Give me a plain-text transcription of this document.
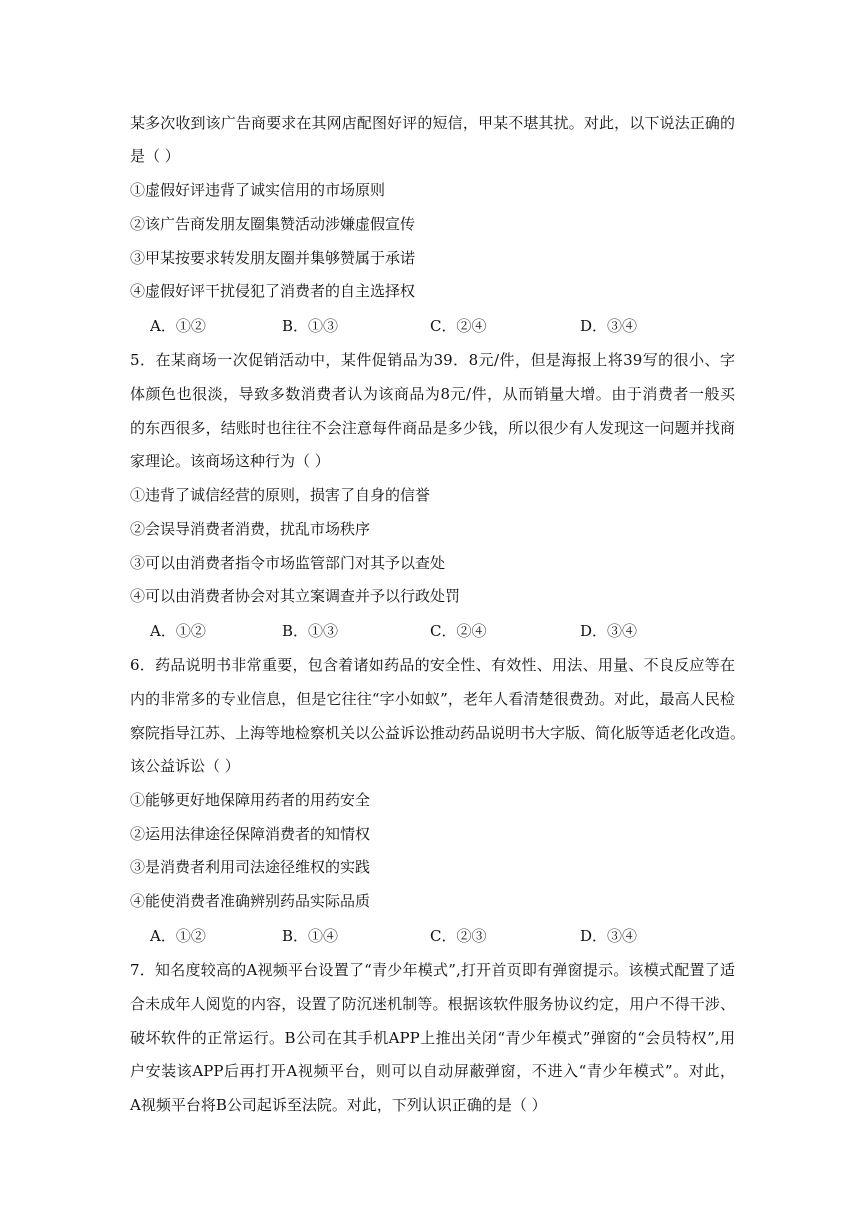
某多次收到该广告商要求在其网店配图好评的短信，甲某不堪其扰。对此，以下说法正确的
是（ ）
①虚假好评违背了诚实信用的市场原则
②该广告商发朋友圈集赞活动涉嫌虚假宣传
③甲某按要求转发朋友圈并集够赞属于承诺
④虚假好评干扰侵犯了消费者的自主选择权
A．①②	B．①③	C．②④	D．③④
5．在某商场一次促销活动中，某件促销品为39．8元/件，但是海报上将39写的很小、字
体颜色也很淡，导致多数消费者认为该商品为8元/件，从而销量大增。由于消费者一般买
的东西很多，结账时也往往不会注意每件商品是多少钱，所以很少有人发现这一问题并找商
家理论。该商场这种行为（ ）
①违背了诚信经营的原则，损害了自身的信誉
②会误导消费者消费，扰乱市场秩序
③可以由消费者指令市场监管部门对其予以查处
④可以由消费者协会对其立案调查并予以行政处罚
A．①②	B．①③	C．②④	D．③④
6．药品说明书非常重要，包含着诸如药品的安全性、有效性、用法、用量、不良反应等在
内的非常多的专业信息，但是它往往“字小如蚁”，老年人看清楚很费劲。对此，最高人民检
察院指导江苏、上海等地检察机关以公益诉讼推动药品说明书大字版、简化版等适老化改造。
该公益诉讼（ ）
①能够更好地保障用药者的用药安全
②运用法律途径保障消费者的知情权
③是消费者利用司法途径维权的实践
④能使消费者准确辨别药品实际品质
A．①②	B．①④	C．②③	D．③④
7．知名度较高的A视频平台设置了“青少年模式”,打开首页即有弹窗提示。该模式配置了适
合未成年人阅览的内容，设置了防沉迷机制等。根据该软件服务协议约定，用户不得干涉、
破坏软件的正常运行。B公司在其手机APP上推出关闭“青少年模式”弹窗的“会员特权”,用
户安装该APP后再打开A视频平台，则可以自动屏蔽弹窗，不进入“青少年模式”。对此，
A视频平台将B公司起诉至法院。对此，下列认识正确的是（ ）
